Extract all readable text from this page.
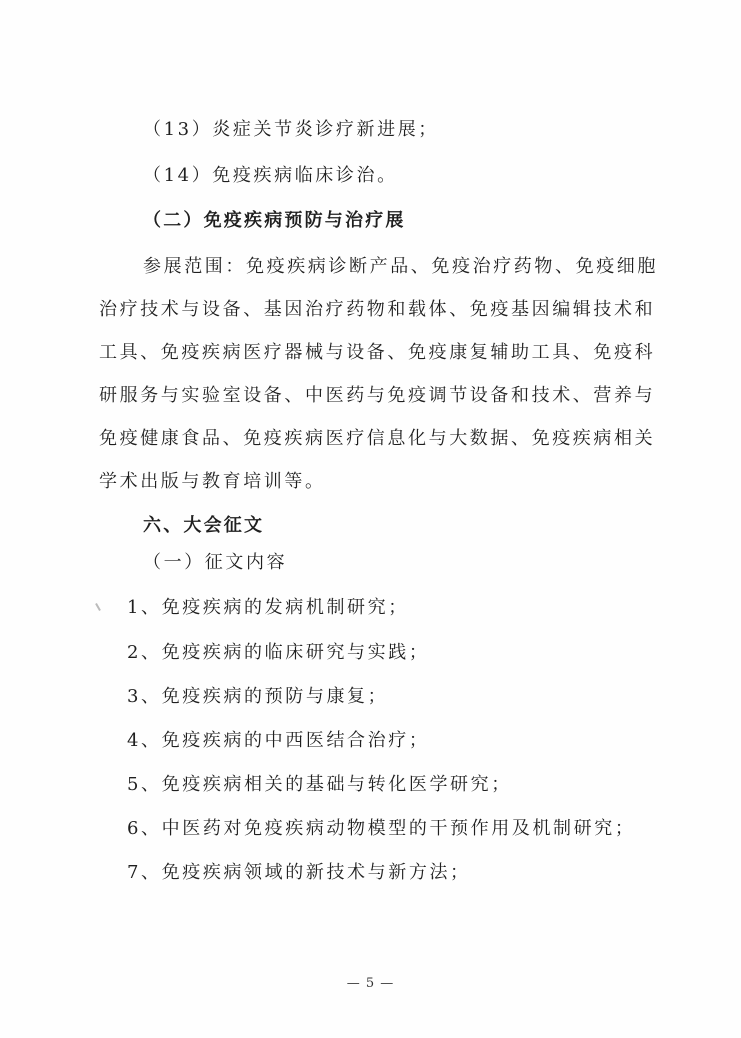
（13）炎症关节炎诊疗新进展；
（14）免疫疾病临床诊治。
（二）免疫疾病预防与治疗展
参展范围：免疫疾病诊断产品、免疫治疗药物、免疫细胞
治疗技术与设备、基因治疗药物和载体、免疫基因编辑技术和
工具、免疫疾病医疗器械与设备、免疫康复辅助工具、免疫科
研服务与实验室设备、中医药与免疫调节设备和技术、营养与
免疫健康食品、免疫疾病医疗信息化与大数据、免疫疾病相关
学术出版与教育培训等。
六、大会征文
（一）征文内容
1、免疫疾病的发病机制研究；
2、免疫疾病的临床研究与实践；
3、免疫疾病的预防与康复；
4、免疫疾病的中西医结合治疗；
5、免疫疾病相关的基础与转化医学研究；
6、中医药对免疫疾病动物模型的干预作用及机制研究；
7、免疫疾病领域的新技术与新方法；
— 5 —
